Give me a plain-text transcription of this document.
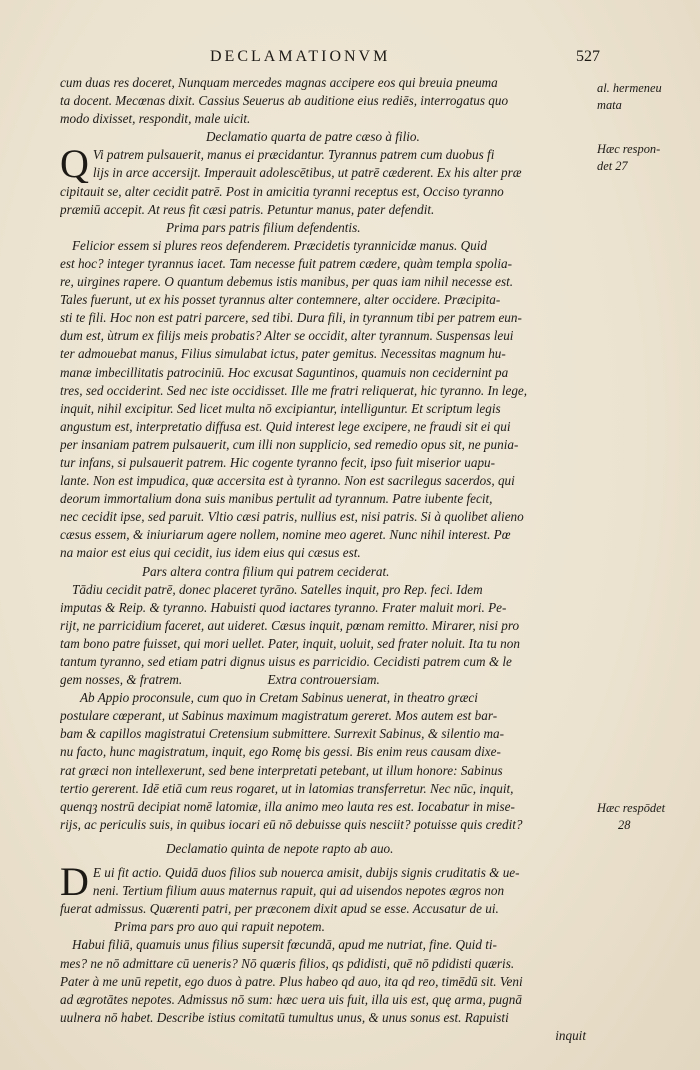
DECLAMATIONVM	527
cum duas res doceret, Nunquam mercedes magnas accipere eos qui breuia pneuma
ta docent. Mecœnas dixit. Cassius Seuerus ab auditione eius rediēs, interrogatus quo
modo dixisset, respondit, male uicit.
Declamatio quarta de patre cæso à filio.
Q Vi patrem pulsauerit, manus ei præcidantur. Tyrannus patrem cum duobus fi
lijs in arce accersijt. Imperauit adolescētibus, ut patrē cæderent. Ex his alter præ
cipitauit se, alter cecidit patrē. Post in amicitia tyranni receptus est, Occiso tyranno
præmiū accepit. At reus fit cæsi patris. Petuntur manus, pater defendit.
Prima pars patris filium defendentis.
Felicior essem si plures reos defenderem. Præcidetis tyrannicidæ manus. Quid
est hoc? integer tyrannus iacet. Tam necesse fuit patrem cædere, quàm templa spolia-
re, uirgines rapere. O quantum debemus istis manibus, per quas iam nihil necesse est.
Tales fuerunt, ut ex his posset tyrannus alter contemnere, alter occidere. Præcipita-
sti te fili. Hoc non est patri parcere, sed tibi. Dura fili, in tyrannum tibi per patrem eun-
dum est, ùtrum ex filijs meis probatis? Alter se occidit, alter tyrannum. Suspensas leui
ter admouebat manus, Filius simulabat ictus, pater gemitus. Necessitas magnum hu-
manæ imbecillitatis patrociniū. Hoc excusat Saguntinos, quamuis non cecidernint pa
tres, sed occiderint. Sed nec iste occidisset. Ille me fratri reliquerat, hic tyranno. In lege,
inquit, nihil excipitur. Sed licet multa nō excipiantur, intelliguntur. Et scriptum legis
angustum est, interpretatio diffusa est. Quid interest lege excipere, ne fraudi sit ei qui
per insaniam patrem pulsauerit, cum illi non supplicio, sed remedio opus sit, ne punia-
tur infans, si pulsauerit patrem. Hic cogente tyranno fecit, ipso fuit miserior uapu-
lante. Non est impudica, quæ accersita est à tyranno. Non est sacrilegus sacerdos, qui
deorum immortalium dona suis manibus pertulit ad tyrannum. Patre iubente fecit,
nec cecidit ipse, sed paruit. Vltio cæsi patris, nullius est, nisi patris. Si à quolibet alieno
cæsus essem, & iniuriarum agere nollem, nomine meo ageret. Nunc nihil interest. Pœ
na maior est eius qui cecidit, ius idem eius qui cæsus est.
Pars altera contra filium qui patrem ceciderat.
Tādiu cecidit patrē, donec placeret tyrāno. Satelles inquit, pro Rep. feci. Idem
imputas & Reip. & tyranno. Habuisti quod iactares tyranno. Frater maluit mori. Pe-
rijt, ne parricidium faceret, aut uideret. Cæsus inquit, pœnam remitto. Mirarer, nisi pro
tam bono patre fuisset, qui mori uellet. Pater, inquit, uoluit, sed frater noluit. Ita tu non
tantum tyranno, sed etiam patri dignus uisus es parricidio. Cecidisti patrem cum & le
gem nosses, & fratrem.	Extra controuersiam.
Ab Appio proconsule, cum quo in Cretam Sabinus uenerat, in theatro græci
postulare cœperant, ut Sabinus maximum magistratum gereret. Mos autem est bar-
bam & capillos magistratui Cretensium submittere. Surrexit Sabinus, & silentio ma-
nu facto, hunc magistratum, inquit, ego Romę bis gessi. Bis enim reus causam dixe-
rat græci non intellexerunt, sed bene interpretati petebant, ut illum honore: Sabinus
tertio gererent. Idē etiā cum reus rogaret, ut in latomias transferretur. Nec nūc, inquit,
quenqȝ nostrū decipiat nomē latomiæ, illa animo meo lauta res est. Iocabatur in mise-
rijs, ac periculis suis, in quibus iocari eū nō debuisse quis nesciit? potuisse quis credit?
Declamatio quinta de nepote rapto ab auo.
D E ui fit actio. Quidā duos filios sub nouerca amisit, dubijs signis cruditatis & ue-
neni. Tertium filium auus maternus rapuit, qui ad uisendos nepotes ægros non
fuerat admissus. Quærenti patri, per præconem dixit apud se esse. Accusatur de ui.
Prima pars pro auo qui rapuit nepotem.
Habui filiā, quamuis unus filius supersit fœcundā, apud me nutriat, fine. Quid ti-
mes? ne nō admittare cū ueneris? Nō quæris filios, qs pdidisti, quē nō pdidisti quæris.
Pater à me unū repetit, ego duos à patre. Plus habeo qd auo, ita qd reo, timēdū sit. Veni
ad ægrotātes nepotes. Admissus nō sum: hæc uera uis fuit, illa uis est, quę arma, pugnā
uulnera nō habet. Describe istius comitatū tumultus unus, & unus sonus est. Rapuisti
inquit
al. hermeneu
mata
Hæc respon-
det 27
Hæc respōdet
28
